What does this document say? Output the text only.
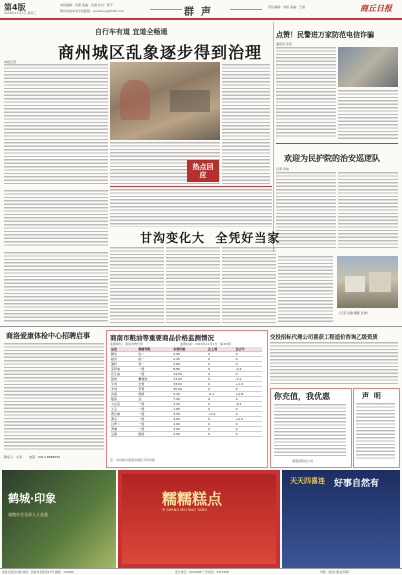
第4版
2018年11月7日 星期三
本版编辑：李霞 美编：张媛 校对：陈平
群众来信来电专版邮箱：qunsheng@163.com	群  声	责任编辑：刘杨 美编：王娟	商丘日报
自行车有道 宜道全畅通
商州城区乱象逐步得到治理
本报记者
热点回应
点赞！民警进万家防范电信诈骗
通讯员 张军
欢迎为民护院的治安巡逻队
记者 李伟
甘沟变化大  全凭好当家
（记者 张静 摄影 张勇）
商洛爱康体检中心招聘启事
联系人：小李 电话：0914-8688999
商南市粮油等重要商品价格监测情况
监测单位：商南市物价局	监测时间：2018年11月1日（第45周）
品名	规格等级	本周价格	比上周	比去年
粳米	标一	2.95	0	0
籼米	标一	2.45	0	0
面粉	特一	2.60	0	0
菜籽油	一级	8.80	0	-0.2
花生油	一级	14.50	0	0
猪肉	精瘦肉	13.00	0	-1.0
牛肉	去骨	33.00	0	+1.0
羊肉	带骨	30.00	0	0
鸡蛋	新鲜	5.20	-0.1	+0.8
鲢鱼	活	7.00	0	0
大白菜	一级	1.20	0	-0.2
土豆	一级	1.80	0	0
西红柿	一级	3.50	+0.2	0
黄瓜	一级	3.00	0	+0.5
白萝卜	一级	1.00	0	0
青椒	一级	3.50	0	0
豆腐	散装	2.50	0	0
注：本价格为商南县城区平均价格
交投招标代理公司喜获工程造价咨询乙级资质
你充值，我优惠
商南县移动公司
声  明
鹤城·印象
诚邀社会各界人士品鉴
糯糯糕点
YI SHENG MEI NUO TANG
天天四喜连 好事自然有
商洛日报社出版 地址：商洛市北新街11号 邮编：726000	发行电话：2316698 广告电话：2313488	印刷：商洛日报社印刷厂
